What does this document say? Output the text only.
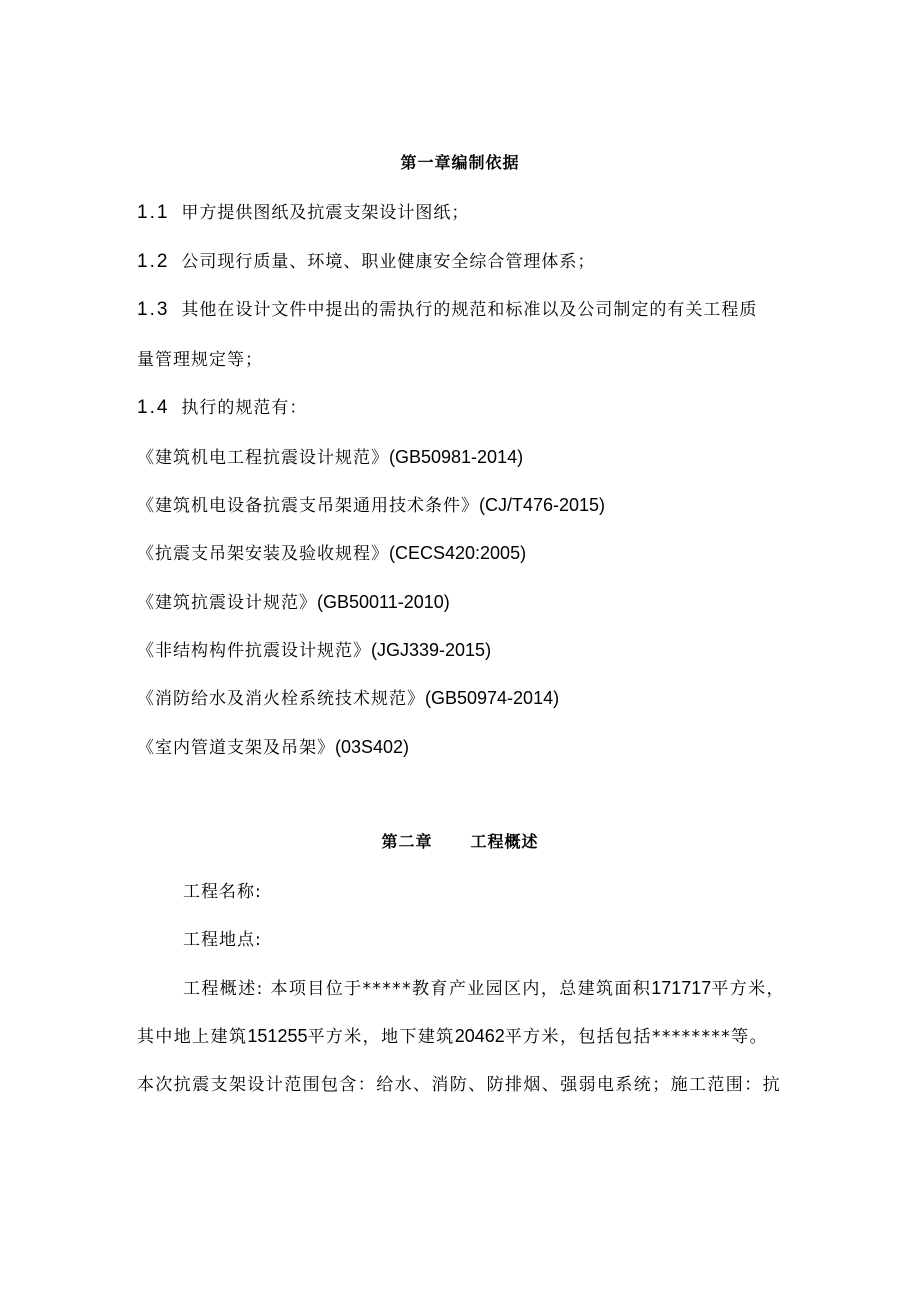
第一章编制依据
1.1 甲方提供图纸及抗震支架设计图纸；
1.2 公司现行质量、环境、职业健康安全综合管理体系；
1.3 其他在设计文件中提出的需执行的规范和标准以及公司制定的有关工程质
量管理规定等；
1.4 执行的规范有：
《建筑机电工程抗震设计规范》(GB50981-2014)
《建筑机电设备抗震支吊架通用技术条件》(CJ/T476-2015)
《抗震支吊架安装及验收规程》(CECS420:2005)
《建筑抗震设计规范》(GB50011-2010)
《非结构构件抗震设计规范》(JGJ339-2015)
《消防给水及消火栓系统技术规范》(GB50974-2014)
《室内管道支架及吊架》(03S402)
第二章 工程概述
工程名称:
工程地点:
工程概述: 本项目位于*****教育产业园区内，总建筑面积171717平方米，
其中地上建筑151255平方米，地下建筑20462平方米，包括包括********等。
本次抗震支架设计范围包含：给水、消防、防排烟、强弱电系统；施工范围：抗
